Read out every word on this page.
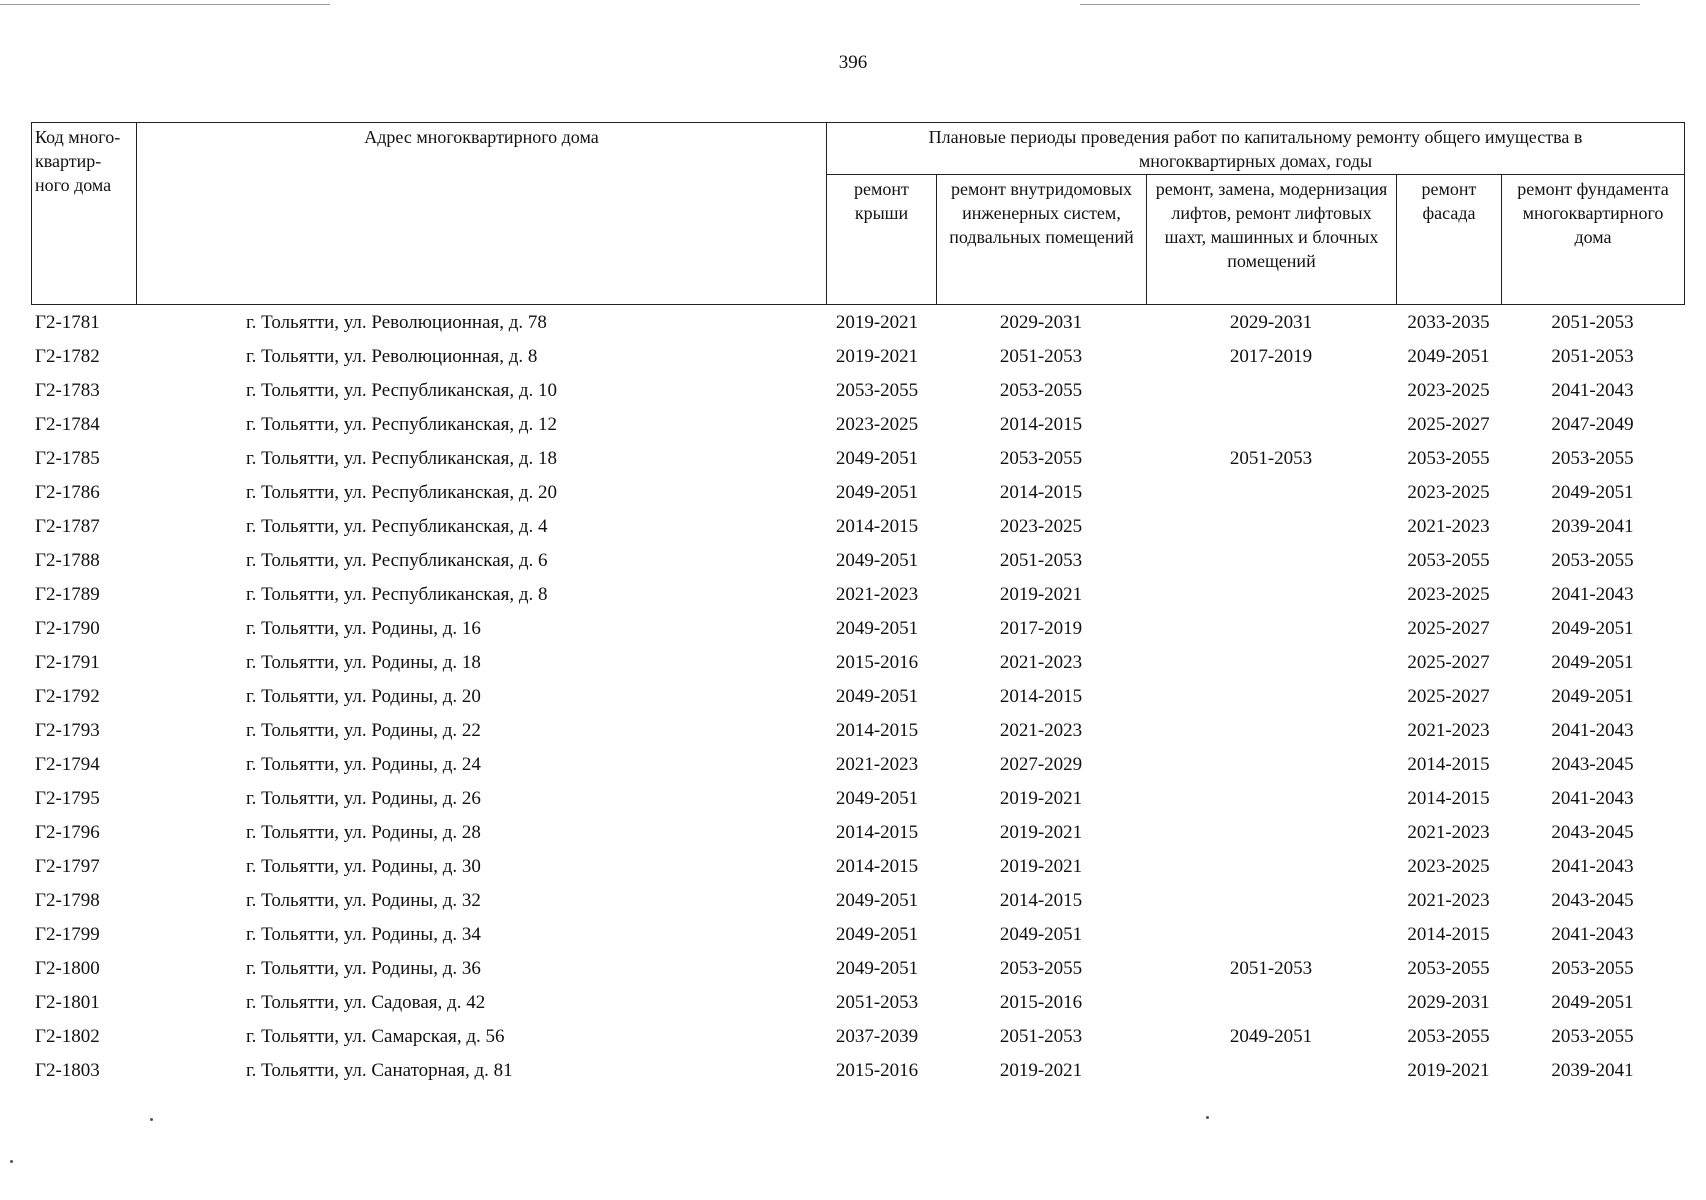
396
Код много-
квартир-
ного дома	Адрес многоквартирного дома	Плановые периоды проведения работ по капитальному ремонту общего имущества в многоквартирных домах, годы				
		ремонт крыши	ремонт внутридомовых инженерных систем, подвальных помещений	ремонт, замена, модернизация лифтов, ремонт лифтовых шахт, машинных и блочных помещений	ремонт фасада	ремонт фундамента многоквартирного дома
Г2-1781	г. Тольятти, ул. Революционная, д. 78	2019-2021	2029-2031	2029-2031	2033-2035	2051-2053
Г2-1782	г. Тольятти, ул. Революционная, д. 8	2019-2021	2051-2053	2017-2019	2049-2051	2051-2053
Г2-1783	г. Тольятти, ул. Республиканская, д. 10	2053-2055	2053-2055		2023-2025	2041-2043
Г2-1784	г. Тольятти, ул. Республиканская, д. 12	2023-2025	2014-2015		2025-2027	2047-2049
Г2-1785	г. Тольятти, ул. Республиканская, д. 18	2049-2051	2053-2055	2051-2053	2053-2055	2053-2055
Г2-1786	г. Тольятти, ул. Республиканская, д. 20	2049-2051	2014-2015		2023-2025	2049-2051
Г2-1787	г. Тольятти, ул. Республиканская, д. 4	2014-2015	2023-2025		2021-2023	2039-2041
Г2-1788	г. Тольятти, ул. Республиканская, д. 6	2049-2051	2051-2053		2053-2055	2053-2055
Г2-1789	г. Тольятти, ул. Республиканская, д. 8	2021-2023	2019-2021		2023-2025	2041-2043
Г2-1790	г. Тольятти, ул. Родины, д. 16	2049-2051	2017-2019		2025-2027	2049-2051
Г2-1791	г. Тольятти, ул. Родины, д. 18	2015-2016	2021-2023		2025-2027	2049-2051
Г2-1792	г. Тольятти, ул. Родины, д. 20	2049-2051	2014-2015		2025-2027	2049-2051
Г2-1793	г. Тольятти, ул. Родины, д. 22	2014-2015	2021-2023		2021-2023	2041-2043
Г2-1794	г. Тольятти, ул. Родины, д. 24	2021-2023	2027-2029		2014-2015	2043-2045
Г2-1795	г. Тольятти, ул. Родины, д. 26	2049-2051	2019-2021		2014-2015	2041-2043
Г2-1796	г. Тольятти, ул. Родины, д. 28	2014-2015	2019-2021		2021-2023	2043-2045
Г2-1797	г. Тольятти, ул. Родины, д. 30	2014-2015	2019-2021		2023-2025	2041-2043
Г2-1798	г. Тольятти, ул. Родины, д. 32	2049-2051	2014-2015		2021-2023	2043-2045
Г2-1799	г. Тольятти, ул. Родины, д. 34	2049-2051	2049-2051		2014-2015	2041-2043
Г2-1800	г. Тольятти, ул. Родины, д. 36	2049-2051	2053-2055	2051-2053	2053-2055	2053-2055
Г2-1801	г. Тольятти, ул. Садовая, д. 42	2051-2053	2015-2016		2029-2031	2049-2051
Г2-1802	г. Тольятти, ул. Самарская, д. 56	2037-2039	2051-2053	2049-2051	2053-2055	2053-2055
Г2-1803	г. Тольятти, ул. Санаторная, д. 81	2015-2016	2019-2021		2019-2021	2039-2041
